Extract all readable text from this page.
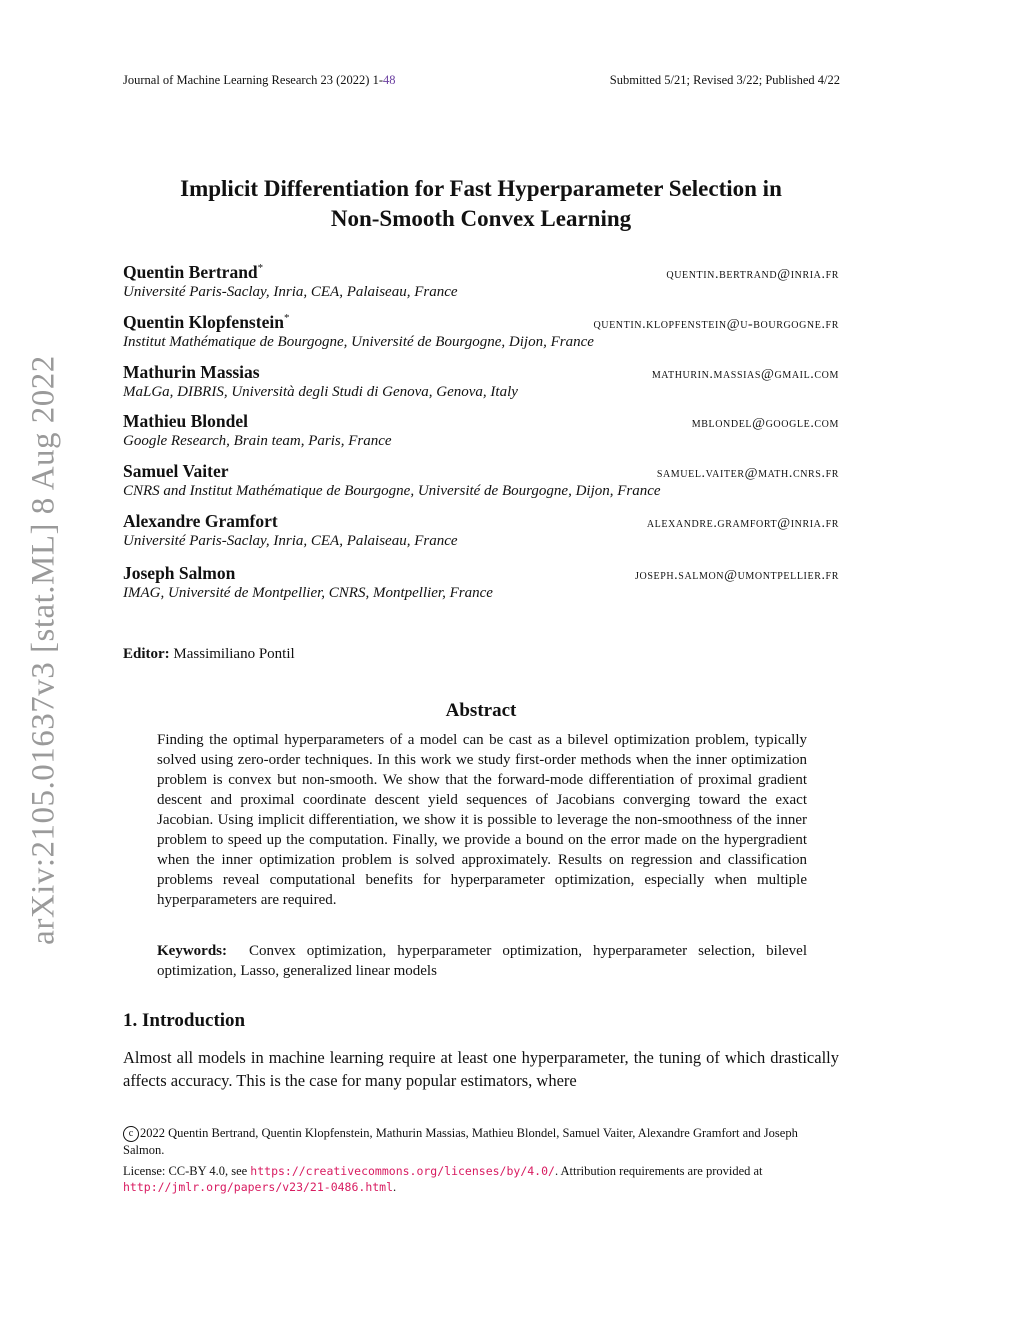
Journal of Machine Learning Research 23 (2022) 1-48	Submitted 5/21; Revised 3/22; Published 4/22
arXiv:2105.01637v3 [stat.ML] 8 Aug 2022
Implicit Differentiation for Fast Hyperparameter Selection in
Non-Smooth Convex Learning
Quentin Bertrand*	quentin.bertrand@inria.fr
Université Paris-Saclay, Inria, CEA, Palaiseau, France
Quentin Klopfenstein*	quentin.klopfenstein@u-bourgogne.fr
Institut Mathématique de Bourgogne, Université de Bourgogne, Dijon, France
Mathurin Massias	mathurin.massias@gmail.com
MaLGa, DIBRIS, Università degli Studi di Genova, Genova, Italy
Mathieu Blondel	mblondel@google.com
Google Research, Brain team, Paris, France
Samuel Vaiter	samuel.vaiter@math.cnrs.fr
CNRS and Institut Mathématique de Bourgogne, Université de Bourgogne, Dijon, France
Alexandre Gramfort	alexandre.gramfort@inria.fr
Université Paris-Saclay, Inria, CEA, Palaiseau, France
Joseph Salmon	joseph.salmon@umontpellier.fr
IMAG, Université de Montpellier, CNRS, Montpellier, France
Editor: Massimiliano Pontil
Abstract
Finding the optimal hyperparameters of a model can be cast as a bilevel optimization problem, typically solved using zero-order techniques. In this work we study first-order methods when the inner optimization problem is convex but non-smooth. We show that the forward-mode differentiation of proximal gradient descent and proximal coordinate descent yield sequences of Jacobians converging toward the exact Jacobian. Using implicit differentiation, we show it is possible to leverage the non-smoothness of the inner problem to speed up the computation. Finally, we provide a bound on the error made on the hypergradient when the inner optimization problem is solved approximately. Results on regression and classification problems reveal computational benefits for hyperparameter optimization, especially when multiple hyperparameters are required.
Keywords: Convex optimization, hyperparameter optimization, hyperparameter selection, bilevel optimization, Lasso, generalized linear models
1. Introduction
Almost all models in machine learning require at least one hyperparameter, the tuning of which drastically affects accuracy. This is the case for many popular estimators, where
c 2022 Quentin Bertrand, Quentin Klopfenstein, Mathurin Massias, Mathieu Blondel, Samuel Vaiter, Alexandre Gramfort and Joseph Salmon.
License: CC-BY 4.0, see https://creativecommons.org/licenses/by/4.0/. Attribution requirements are provided at http://jmlr.org/papers/v23/21-0486.html.
